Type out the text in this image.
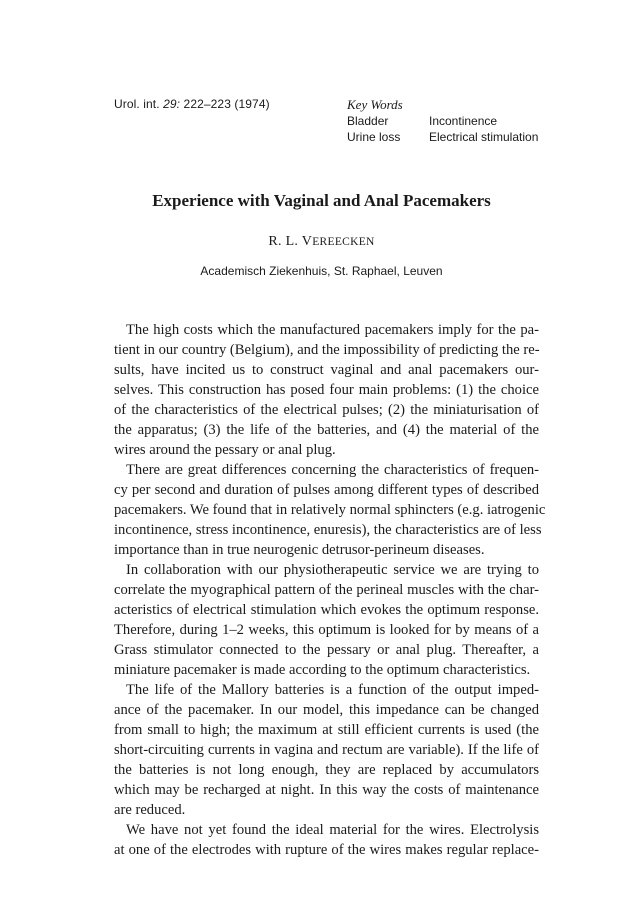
Urol. int. 29: 222–223 (1974)	Key Words
Bladder	Incontinence
Urine loss	Electrical stimulation
Experience with Vaginal and Anal Pacemakers
R. L. VEREECKEN
Academisch Ziekenhuis, St. Raphael, Leuven
The high costs which the manufactured pacemakers imply for the pa-
tient in our country (Belgium), and the impossibility of predicting the re-
sults, have incited us to construct vaginal and anal pacemakers our-
selves. This construction has posed four main problems: (1) the choice
of the characteristics of the electrical pulses; (2) the miniaturisation of
the apparatus; (3) the life of the batteries, and (4) the material of the
wires around the pessary or anal plug.
There are great differences concerning the characteristics of frequen-
cy per second and duration of pulses among different types of described
pacemakers. We found that in relatively normal sphincters (e.g. iatrogenic
incontinence, stress incontinence, enuresis), the characteristics are of less
importance than in true neurogenic detrusor-perineum diseases.
In collaboration with our physiotherapeutic service we are trying to
correlate the myographical pattern of the perineal muscles with the char-
acteristics of electrical stimulation which evokes the optimum response.
Therefore, during 1–2 weeks, this optimum is looked for by means of a
Grass stimulator connected to the pessary or anal plug. Thereafter, a
miniature pacemaker is made according to the optimum characteristics.
The life of the Mallory batteries is a function of the output imped-
ance of the pacemaker. In our model, this impedance can be changed
from small to high; the maximum at still efficient currents is used (the
short-circuiting currents in vagina and rectum are variable). If the life of
the batteries is not long enough, they are replaced by accumulators
which may be recharged at night. In this way the costs of maintenance
are reduced.
We have not yet found the ideal material for the wires. Electrolysis
at one of the electrodes with rupture of the wires makes regular replace-
